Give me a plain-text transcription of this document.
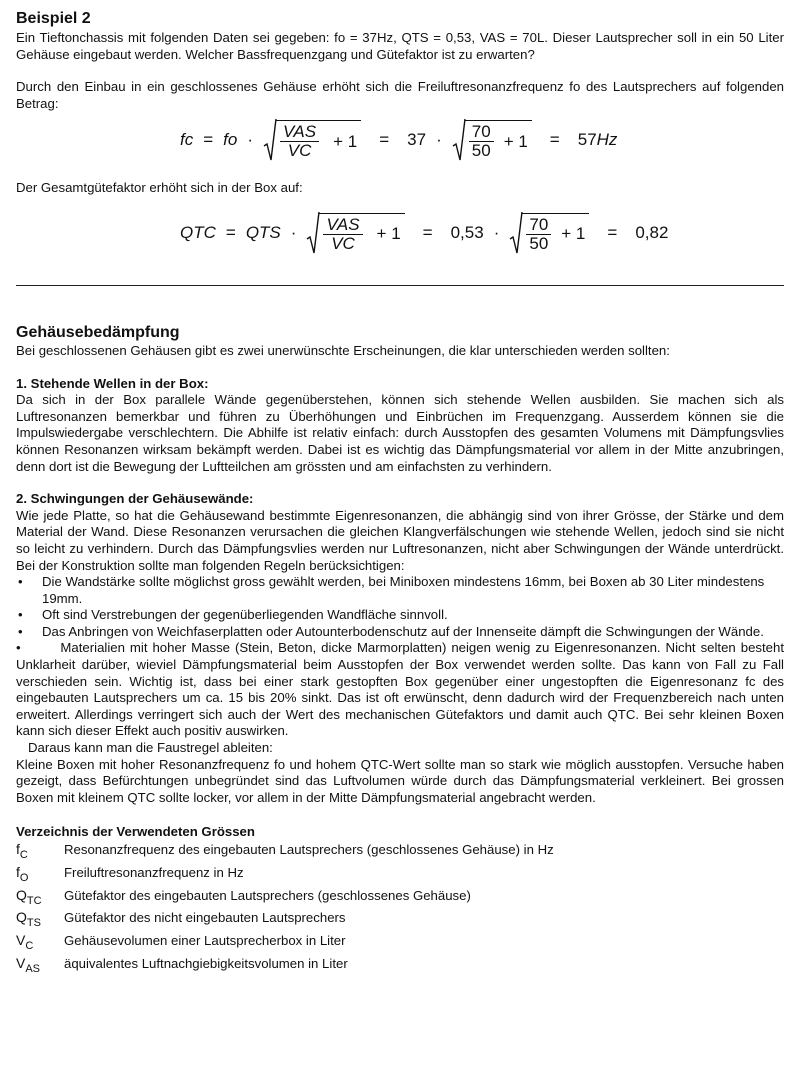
Beispiel 2

Ein Tieftonchassis mit folgenden Daten sei gegeben: fo = 37Hz, QTS = 0,53, VAS = 70L. Dieser Lautsprecher soll in ein 50 Liter Gehäuse eingebaut werden. Welcher Bassfrequenzgang und Gütefaktor ist zu erwarten?

Durch den Einbau in ein geschlossenes Gehäuse erhöht sich die Freiluftresonanzfrequenz fo des Lautsprechers auf folgenden Betrag:

fc = fo · $\frac{\text{VAS}}{VC} + 1 = 37 \cdot \frac{70}{50} + 1 = 57$ Hz

Der Gesamtgütefaktor erhöht sich in der Box auf:

QTC = QTS · $\frac{\text{VAS}}{VC} + 1 = 0,53 \cdot \frac{70}{50} + 1 = 0,82$
Gehäusebedämpfung

Bei geschlossenen Gehäusen gibt es zwei unerwünschte Erscheinungen, die klar unterschieden werden sollten:

1. Stehende Wellen in der Box:

Da sich in der Box parallele Wände gegenüberstehen, können sich stehende Wellen ausbilden. Sie machen sich als Luftresonanzen bemerkbar und führen zu Überhöhungen und Einbrüchen im Frequenzgang. Ausserdem können sie die Impulswiedergabe verschlechtern. Die Abhilfe ist relativ einfach: durch Ausstopfen des gesamten Volumens mit Dämpfungsvlies können Resonanzen wirksam bekämpft werden. Dabei ist es wichtig das Dämpfungsmaterial vor allem in der Mitte anzubringen, denn dort ist die Bewegung der Luftteilchen am grössten und am einfachsten zu verhindern.

2. Schwingungen der Gehäusewände:

Wie jede Platte, so hat die Gehäusewand bestimmte Eigenresonanzen, die abhängig sind von ihrer Grösse, der Stärke und dem Material der Wand. Diese Resonanzen verursachen die gleichen Klangverfälschungen wie stehende Wellen, jedoch sind sie nicht so leicht zu verhindern. Durch das Dämpfungsvlies werden nur Luftresonanzen, nicht aber Schwingungen der Wände unterdrückt. Bei der Konstruktion sollte man folgenden Regeln berücksichtigen:

• Die Wandstärke sollte möglichst gross gewählt werden, bei Miniboxen mindestens 16mm, bei Boxen ab 30 Liter mindestens 19mm.
• Oft sind Verstrebungen der gegenüberliegenden Wandfläche sinnvoll.
• Das Anbringen von Weichfaserplatten oder Autounterbodenschutz auf der Innenseite dämpft die Schwingungen der Wände.

•        Materialien mit hoher Masse (Stein, Beton, dicke Marmorplatten) neigen wenig zu Eigenresonanzen. Nicht selten besteht Unklarheit darüber, wieviel Dämpfungsmaterial beim Ausstopfen der Box verwendet werden sollte. Das kann von Fall zu Fall verschieden sein. Wichtig ist, dass bei einer stark gestopften Box gegenüber einer ungestopften die Eigenresonanz fc des eingebauten Lautsprechers um ca. 15 bis 20% sinkt. Das ist oft erwünscht, denn dadurch wird der Frequenzbereich nach unten erweitert. Allerdings verringert sich auch der Wert des mechanischen Gütefaktors und damit auch QTC. Bei sehr kleinen Boxen kann sich dieser Effekt auch positiv auswirken.

Daraus kann man die Faustregel ableiten:

Kleine Boxen mit hoher Resonanzfrequenz fo und hohem QTC-Wert sollte man so stark wie möglich ausstopfen. Versuche haben gezeigt, dass Befürchtungen unbegründet sind das Luftvolumen würde durch das Dämpfungsmaterial verkleinert. Bei grossen Boxen mit kleinem QTC sollte locker, vor allem in der Mitte Dämpfungsmaterial angebracht werden.

Verzeichnis der Verwendeten Grössen

$f_C$	Resonanzfrequenz des eingebauten Lautsprechers (geschlossenes Gehäuse) in Hz
$f_O$	Freiluftresonanzfrequenz in Hz
$Q_{TC}$	Gütefaktor des eingebauten Lautsprechers (geschlossenes Gehäuse)
$Q_{TS}$	Gütefaktor des nicht eingebauten Lautsprechers
$V_C$	Gehäusevolumen einer Lautsprecherbox in Liter
$V_{AS}$	äquivalentes Luftnachgiebigkeitsvolumen in Liter
